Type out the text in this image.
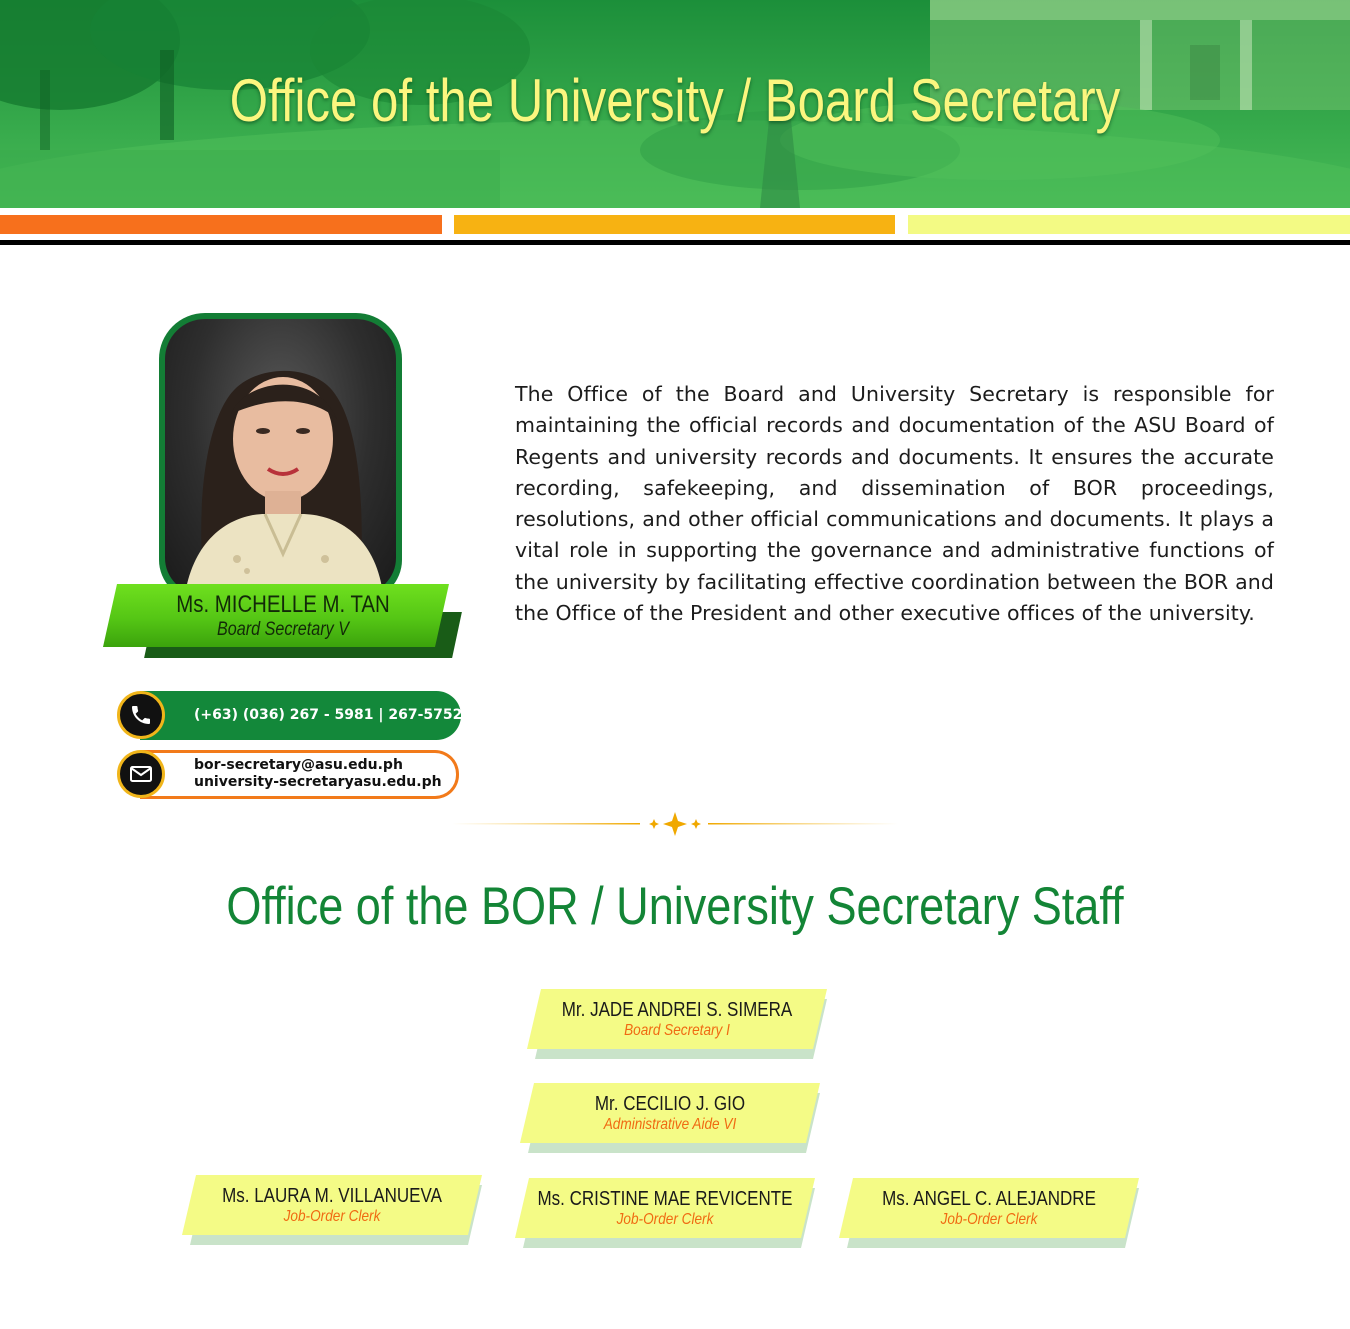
Office of the University / Board Secretary
Ms. MICHELLE M. TAN
Board Secretary V
(+63) (036) 267 - 5981 | 267-5752
bor-secretary@asu.edu.ph
university-secretaryasu.edu.ph
The Office of the Board and University Secretary is responsible for maintaining the official records and documentation of the ASU Board of Regents and university records and documents. It ensures the accurate recording, safekeeping, and dissemination of BOR proceedings, resolutions, and other official communications and documents. It plays a vital role in supporting the governance and administrative functions of the university by facilitating effective coordination between the BOR and the Office of the President and other executive offices of the university.
Office of the BOR / University Secretary Staff
Mr. JADE ANDREI S. SIMERA
Board Secretary I
Mr. CECILIO J. GIO
Administrative Aide VI
Ms. LAURA M. VILLANUEVA
Job-Order Clerk
Ms. CRISTINE MAE REVICENTE
Job-Order Clerk
Ms. ANGEL C. ALEJANDRE
Job-Order Clerk
